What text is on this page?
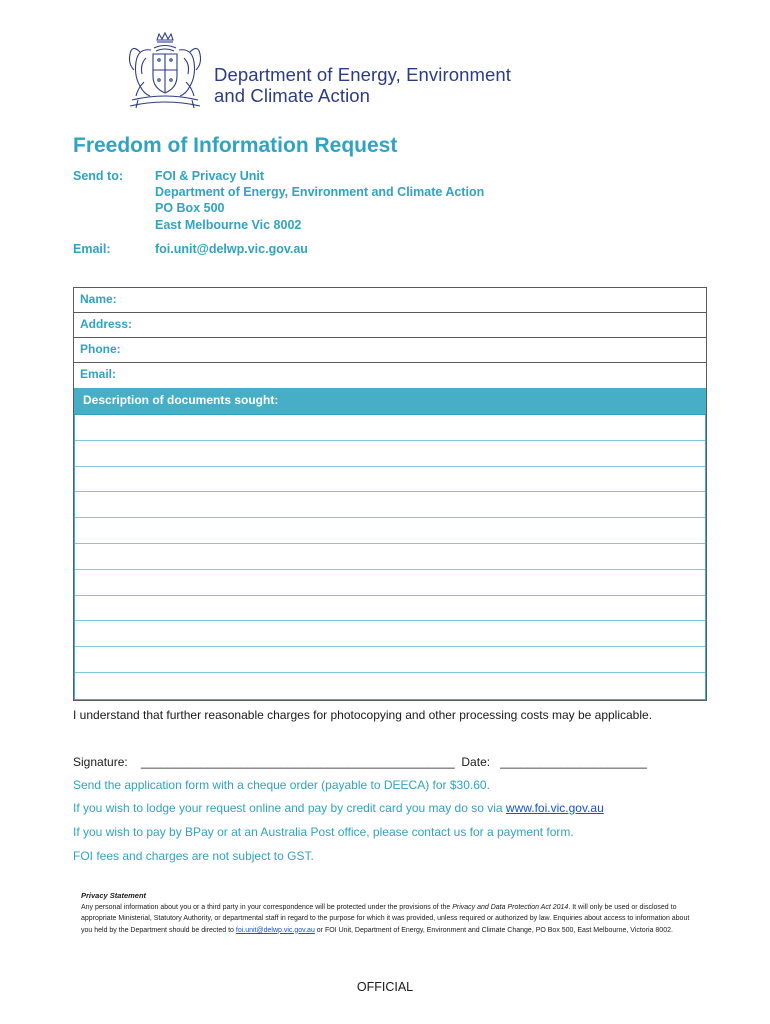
Department of Energy, Environment
and Climate Action
Freedom of Information Request
Send to:	FOI & Privacy Unit
Department of Energy, Environment and Climate Action
PO Box 500
East Melbourne Vic 8002
Email:	foi.unit@delwp.vic.gov.au
Name:
Address:
Phone:
Email:
Description of documents sought:
I understand that further reasonable charges for photocopying and other processing costs may be applicable.
Signature: _______________________________________________ Date: ______________________
Send the application form with a cheque order (payable to DEECA) for $30.60.
If you wish to lodge your request online and pay by credit card you may do so via www.foi.vic.gov.au
If you wish to pay by BPay or at an Australia Post office, please contact us for a payment form.
FOI fees and charges are not subject to GST.
Privacy Statement
Any personal information about you or a third party in your correspondence will be protected under the provisions of the Privacy and Data Protection Act 2014. It will only be used or disclosed to appropriate Ministerial, Statutory Authority, or departmental staff in regard to the purpose for which it was provided, unless required or authorized by law. Enquiries about access to information about you held by the Department should be directed to foi.unit@delwp.vic.gov.au or FOI Unit, Department of Energy, Environment and Climate Change, PO Box 500, East Melbourne, Victoria 8002.
OFFICIAL
